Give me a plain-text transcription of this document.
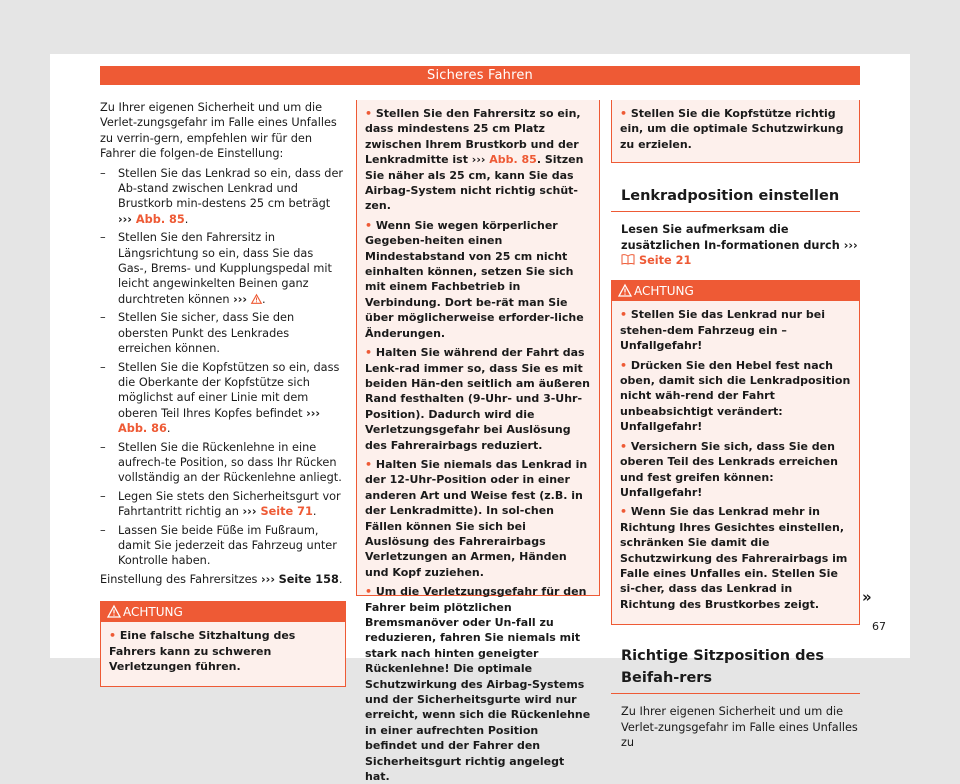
Sicheres Fahren

Zu Ihrer eigenen Sicherheit und um die Verlet-zungsgefahr im Falle eines Unfalles zu verrin-gern, empfehlen wir für den Fahrer die folgen-de Einstellung:

– Stellen Sie das Lenkrad so ein, dass der Ab-stand zwischen Lenkrad und Brustkorb min-destens 25 cm beträgt ››› Abb. 85.
– Stellen Sie den Fahrersitz in Längsrichtung so ein, dass Sie das Gas-, Brems- und Kupplungspedal mit leicht angewinkelten Beinen ganz durchtreten können ››› .
– Stellen Sie sicher, dass Sie den obersten Punkt des Lenkrades erreichen können.
– Stellen Sie die Kopfstützen so ein, dass die Oberkante der Kopfstütze sich möglichst auf einer Linie mit dem oberen Teil Ihres Kopfes befindet ››› Abb. 86.
– Stellen Sie die Rückenlehne in eine aufrech-te Position, so dass Ihr Rücken vollständig an der Rückenlehne anliegt.
– Legen Sie stets den Sicherheitsgurt vor Fahrtantritt richtig an ››› Seite 71.
– Lassen Sie beide Füße im Fußraum, damit Sie jederzeit das Fahrzeug unter Kontrolle haben.

Einstellung des Fahrersitzes ››› Seite 158.

ACHTUNG

• Eine falsche Sitzhaltung des Fahrers kann zu schweren Verletzungen führen.

• Stellen Sie den Fahrersitz so ein, dass mindestens 25 cm Platz zwischen Ihrem Brustkorb und der Lenkradmitte ist ››› Abb. 85. Sitzen Sie näher als 25 cm, kann Sie das Airbag-System nicht richtig schüt-zen.

• Wenn Sie wegen körperlicher Gegeben-heiten einen Mindestabstand von 25 cm nicht einhalten können, setzen Sie sich mit einem Fachbetrieb in Verbindung. Dort be-rät man Sie über möglicherweise erforder-liche Änderungen.

• Halten Sie während der Fahrt das Lenk-rad immer so, dass Sie es mit beiden Hän-den seitlich am äußeren Rand festhalten (9-Uhr- und 3-Uhr-Position). Dadurch wird die Verletzungsgefahr bei Auslösung des Fahrerairbags reduziert.

• Halten Sie niemals das Lenkrad in der 12-Uhr-Position oder in einer anderen Art und Weise fest (z.B. in der Lenkradmitte). In sol-chen Fällen können Sie sich bei Auslösung des Fahrerairbags Verletzungen an Armen, Händen und Kopf zuziehen.

• Um die Verletzungsgefahr für den Fahrer beim plötzlichen Bremsmanöver oder Un-fall zu reduzieren, fahren Sie niemals mit stark nach hinten geneigter Rückenlehne! Die optimale Schutzwirkung des Airbag-Systems und der Sicherheitsgurte wird nur erreicht, wenn sich die Rückenlehne in einer aufrechten Position befindet und der Fahrer den Sicherheitsgurt richtig angelegt hat.

• Stellen Sie die Kopfstütze richtig ein, um die optimale Schutzwirkung zu erzielen.

Lenkradposition einstellen

Lesen Sie aufmerksam die zusätzlichen In-formationen durch ›››  Seite 21

ACHTUNG

• Stellen Sie das Lenkrad nur bei stehen-dem Fahrzeug ein – Unfallgefahr!

• Drücken Sie den Hebel fest nach oben, damit sich die Lenkradposition nicht wäh-rend der Fahrt unbeabsichtigt verändert: Unfallgefahr!

• Versichern Sie sich, dass Sie den oberen Teil des Lenkrads erreichen und fest greifen können: Unfallgefahr!

• Wenn Sie das Lenkrad mehr in Richtung Ihres Gesichtes einstellen, schränken Sie damit die Schutzwirkung des Fahrerairbags im Falle eines Unfalles ein. Stellen Sie si-cher, dass das Lenkrad in Richtung des Brustkorbes zeigt.

Richtige Sitzposition des Beifah-rers

Zu Ihrer eigenen Sicherheit und um die Verlet-zungsgefahr im Falle eines Unfalles zu

»
67
